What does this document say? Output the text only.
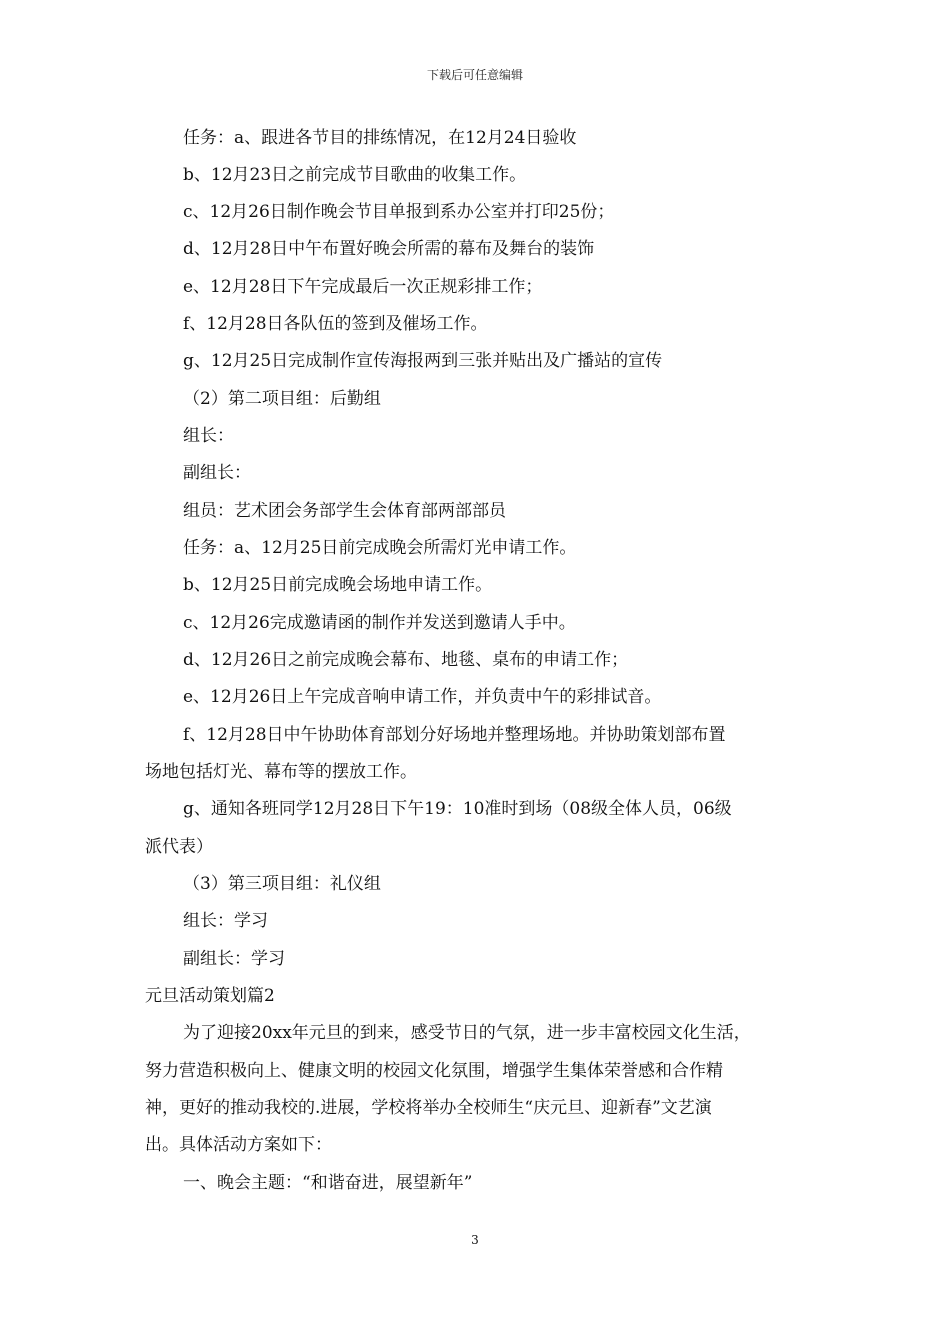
下载后可任意编辑
任务：a、跟进各节目的排练情况，在12月24日验收
b、12月23日之前完成节目歌曲的收集工作。
c、12月26日制作晚会节目单报到系办公室并打印25份；
d、12月28日中午布置好晚会所需的幕布及舞台的装饰
e、12月28日下午完成最后一次正规彩排工作；
f、12月28日各队伍的签到及催场工作。
g、12月25日完成制作宣传海报两到三张并贴出及广播站的宣传
（2）第二项目组：后勤组
组长：
副组长：
组员：艺术团会务部学生会体育部两部部员
任务：a、12月25日前完成晚会所需灯光申请工作。
b、12月25日前完成晚会场地申请工作。
c、12月26完成邀请函的制作并发送到邀请人手中。
d、12月26日之前完成晚会幕布、地毯、桌布的申请工作；
e、12月26日上午完成音响申请工作，并负责中午的彩排试音。
f、12月28日中午协助体育部划分好场地并整理场地。并协助策划部布置
场地包括灯光、幕布等的摆放工作。
g、通知各班同学12月28日下午19：10准时到场（08级全体人员，06级
派代表）
（3）第三项目组：礼仪组
组长：学习
副组长：学习
元旦活动策划篇2
为了迎接20xx年元旦的到来，感受节日的气氛，进一步丰富校园文化生活，
努力营造积极向上、健康文明的校园文化氛围，增强学生集体荣誉感和合作精
神，更好的推动我校的.进展，学校将举办全校师生“庆元旦、迎新春”文艺演
出。具体活动方案如下：
一、晚会主题：“和谐奋进，展望新年”
3
